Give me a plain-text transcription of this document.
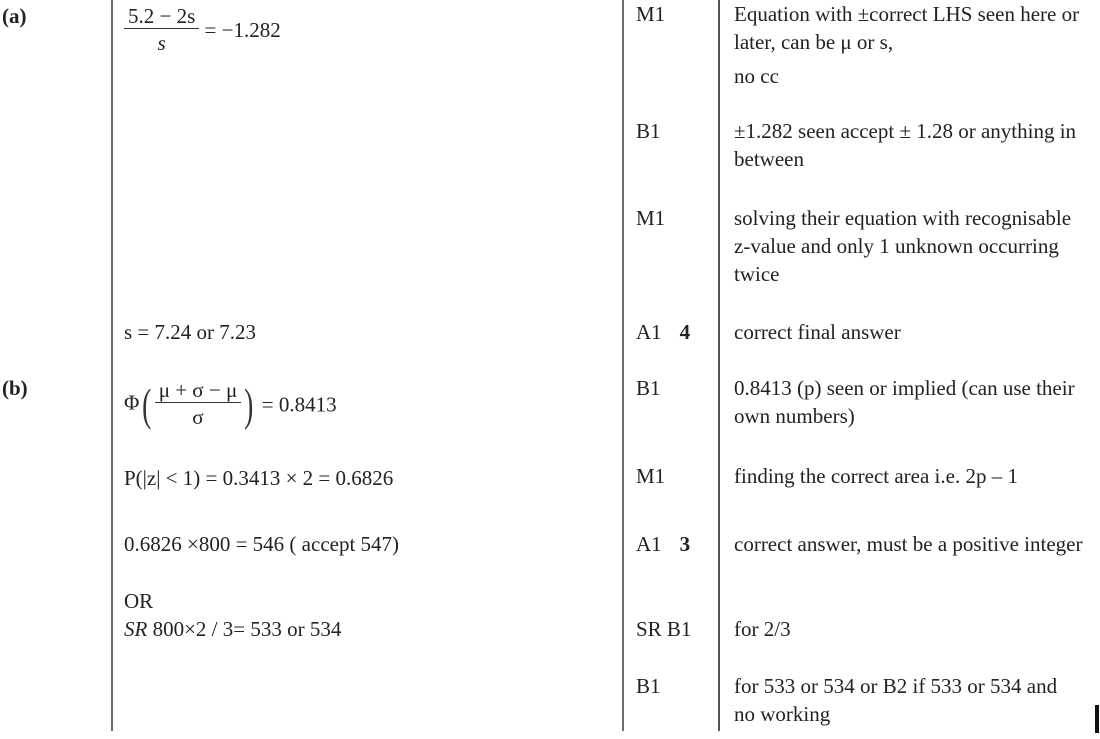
(a)
(b)
$\frac{5.2 - 2s}{s} = -1.282$
s = 7.24 or 7.23
$\Phi( \frac{\mu + \sigma - \mu}{\sigma}$ ) = 0.8413
P(|z| < 1) = 0.3413 × 2 = 0.6826
0.6826 ×800 = 546 ( accept 547)
OR
SR 800×2 / 3= 533 or 534
M1
B1
M1
A1 4
B1
M1
A1 3
SR B1
B1
Equation with ±correct LHS seen here or later, can be μ or s,
no cc
±1.282 seen accept ± 1.28 or anything in between
solving their equation with recognisable z-value and only 1 unknown occurring twice
correct final answer
0.8413 (p) seen or implied (can use their own numbers)
finding the correct area i.e. 2p – 1
correct answer, must be a positive integer
for 2/3
for 533 or 534 or B2 if 533 or 534 and no working
